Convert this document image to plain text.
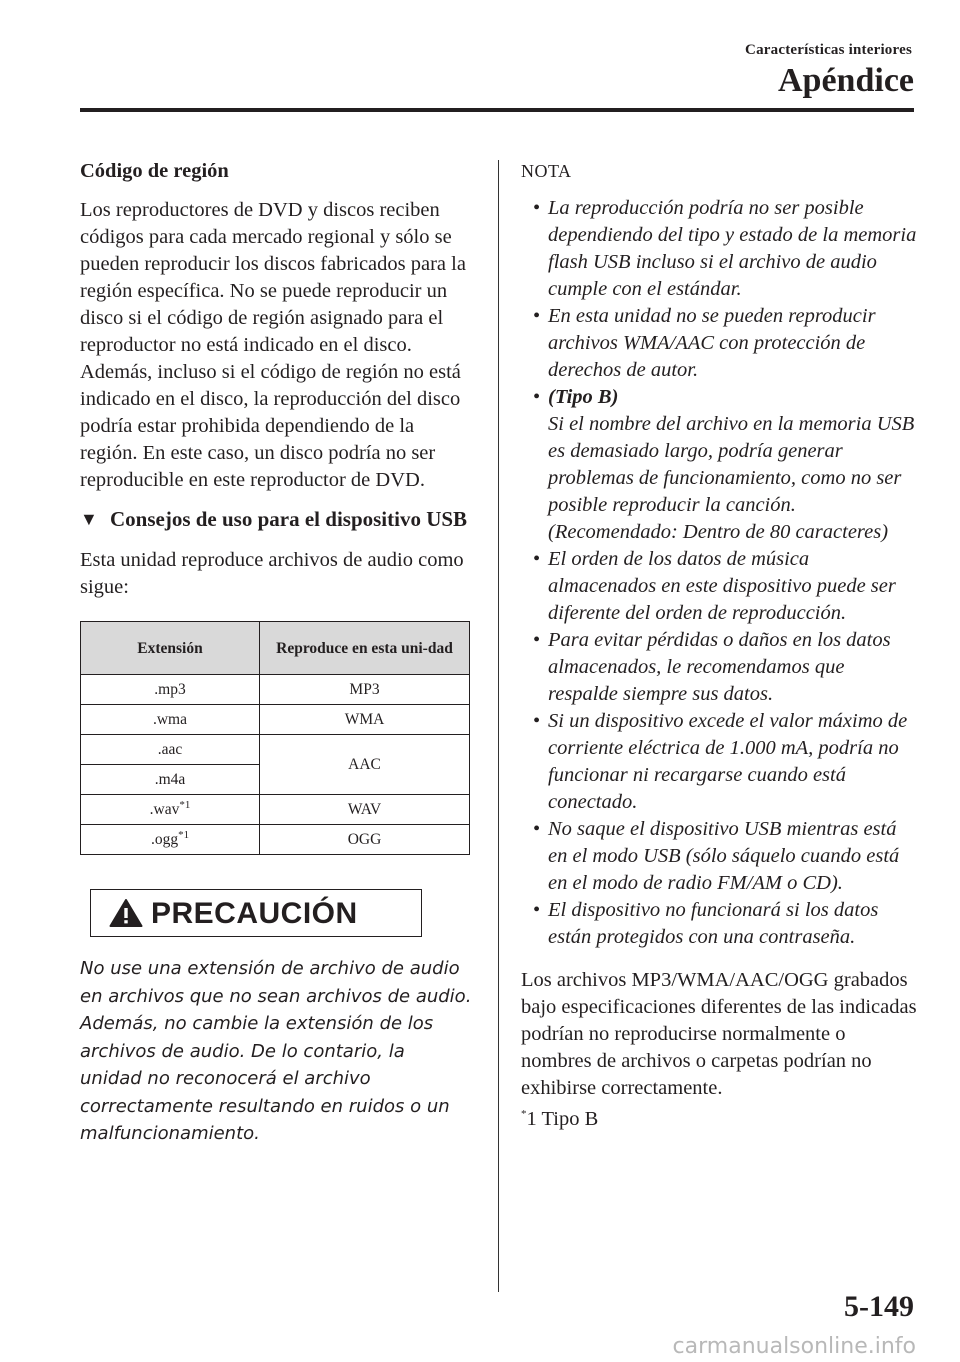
Características interiores
Apéndice
Código de región

Los reproductores de DVD y discos reciben códigos para cada mercado regional y sólo se pueden reproducir los discos fabricados para la región específica. No se puede reproducir un disco si el código de región asignado para el reproductor no está indicado en el disco. Además, incluso si el código de región no está indicado en el disco, la reproducción del disco podría estar prohibida dependiendo de la región. En este caso, un disco podría no ser reproducible en este reproductor de DVD.

▼ Consejos de uso para el dispositivo USB

Esta unidad reproduce archivos de audio como sigue:

Extensión	Reproduce en esta uni-dad
.mp3	MP3
.wma	WMA
.aac	AAC
.m4a	
.wav$^{*1}$	WAV
.ogg$^{*1}$	OGG
PRECAUCIÓN
No use una extensión de archivo de audio en archivos que no sean archivos de audio. Además, no cambie la extensión de los archivos de audio. De lo contario, la unidad no reconocerá el archivo correctamente resultando en ruidos o un malfuncionamiento.
NOTA
• La reproducción podría no ser posible dependiendo del tipo y estado de la memoria flash USB incluso si el archivo de audio cumple con el estándar.
• En esta unidad no se pueden reproducir archivos WMA/AAC con protección de derechos de autor.
• (Tipo B)
Si el nombre del archivo en la memoria USB es demasiado largo, podría generar problemas de funcionamiento, como no ser posible reproducir la canción.
(Recomendado: Dentro de 80 caracteres)
• El orden de los datos de música almacenados en este dispositivo puede ser diferente del orden de reproducción.
• Para evitar pérdidas o daños en los datos almacenados, le recomendamos que respalde siempre sus datos.
• Si un dispositivo excede el valor máximo de corriente eléctrica de 1.000 mA, podría no funcionar ni recargarse cuando está conectado.
• No saque el dispositivo USB mientras está en el modo USB (sólo sáquelo cuando está en el modo de radio FM/AM o CD).
• El dispositivo no funcionará si los datos están protegidos con una contraseña.

Los archivos MP3/WMA/AAC/OGG grabados bajo especificaciones diferentes de las indicadas podrían no reproducirse normalmente o nombres de archivos o carpetas podrían no exhibirse correctamente.

*1 Tipo B
5-149
carmanualsonline.info
